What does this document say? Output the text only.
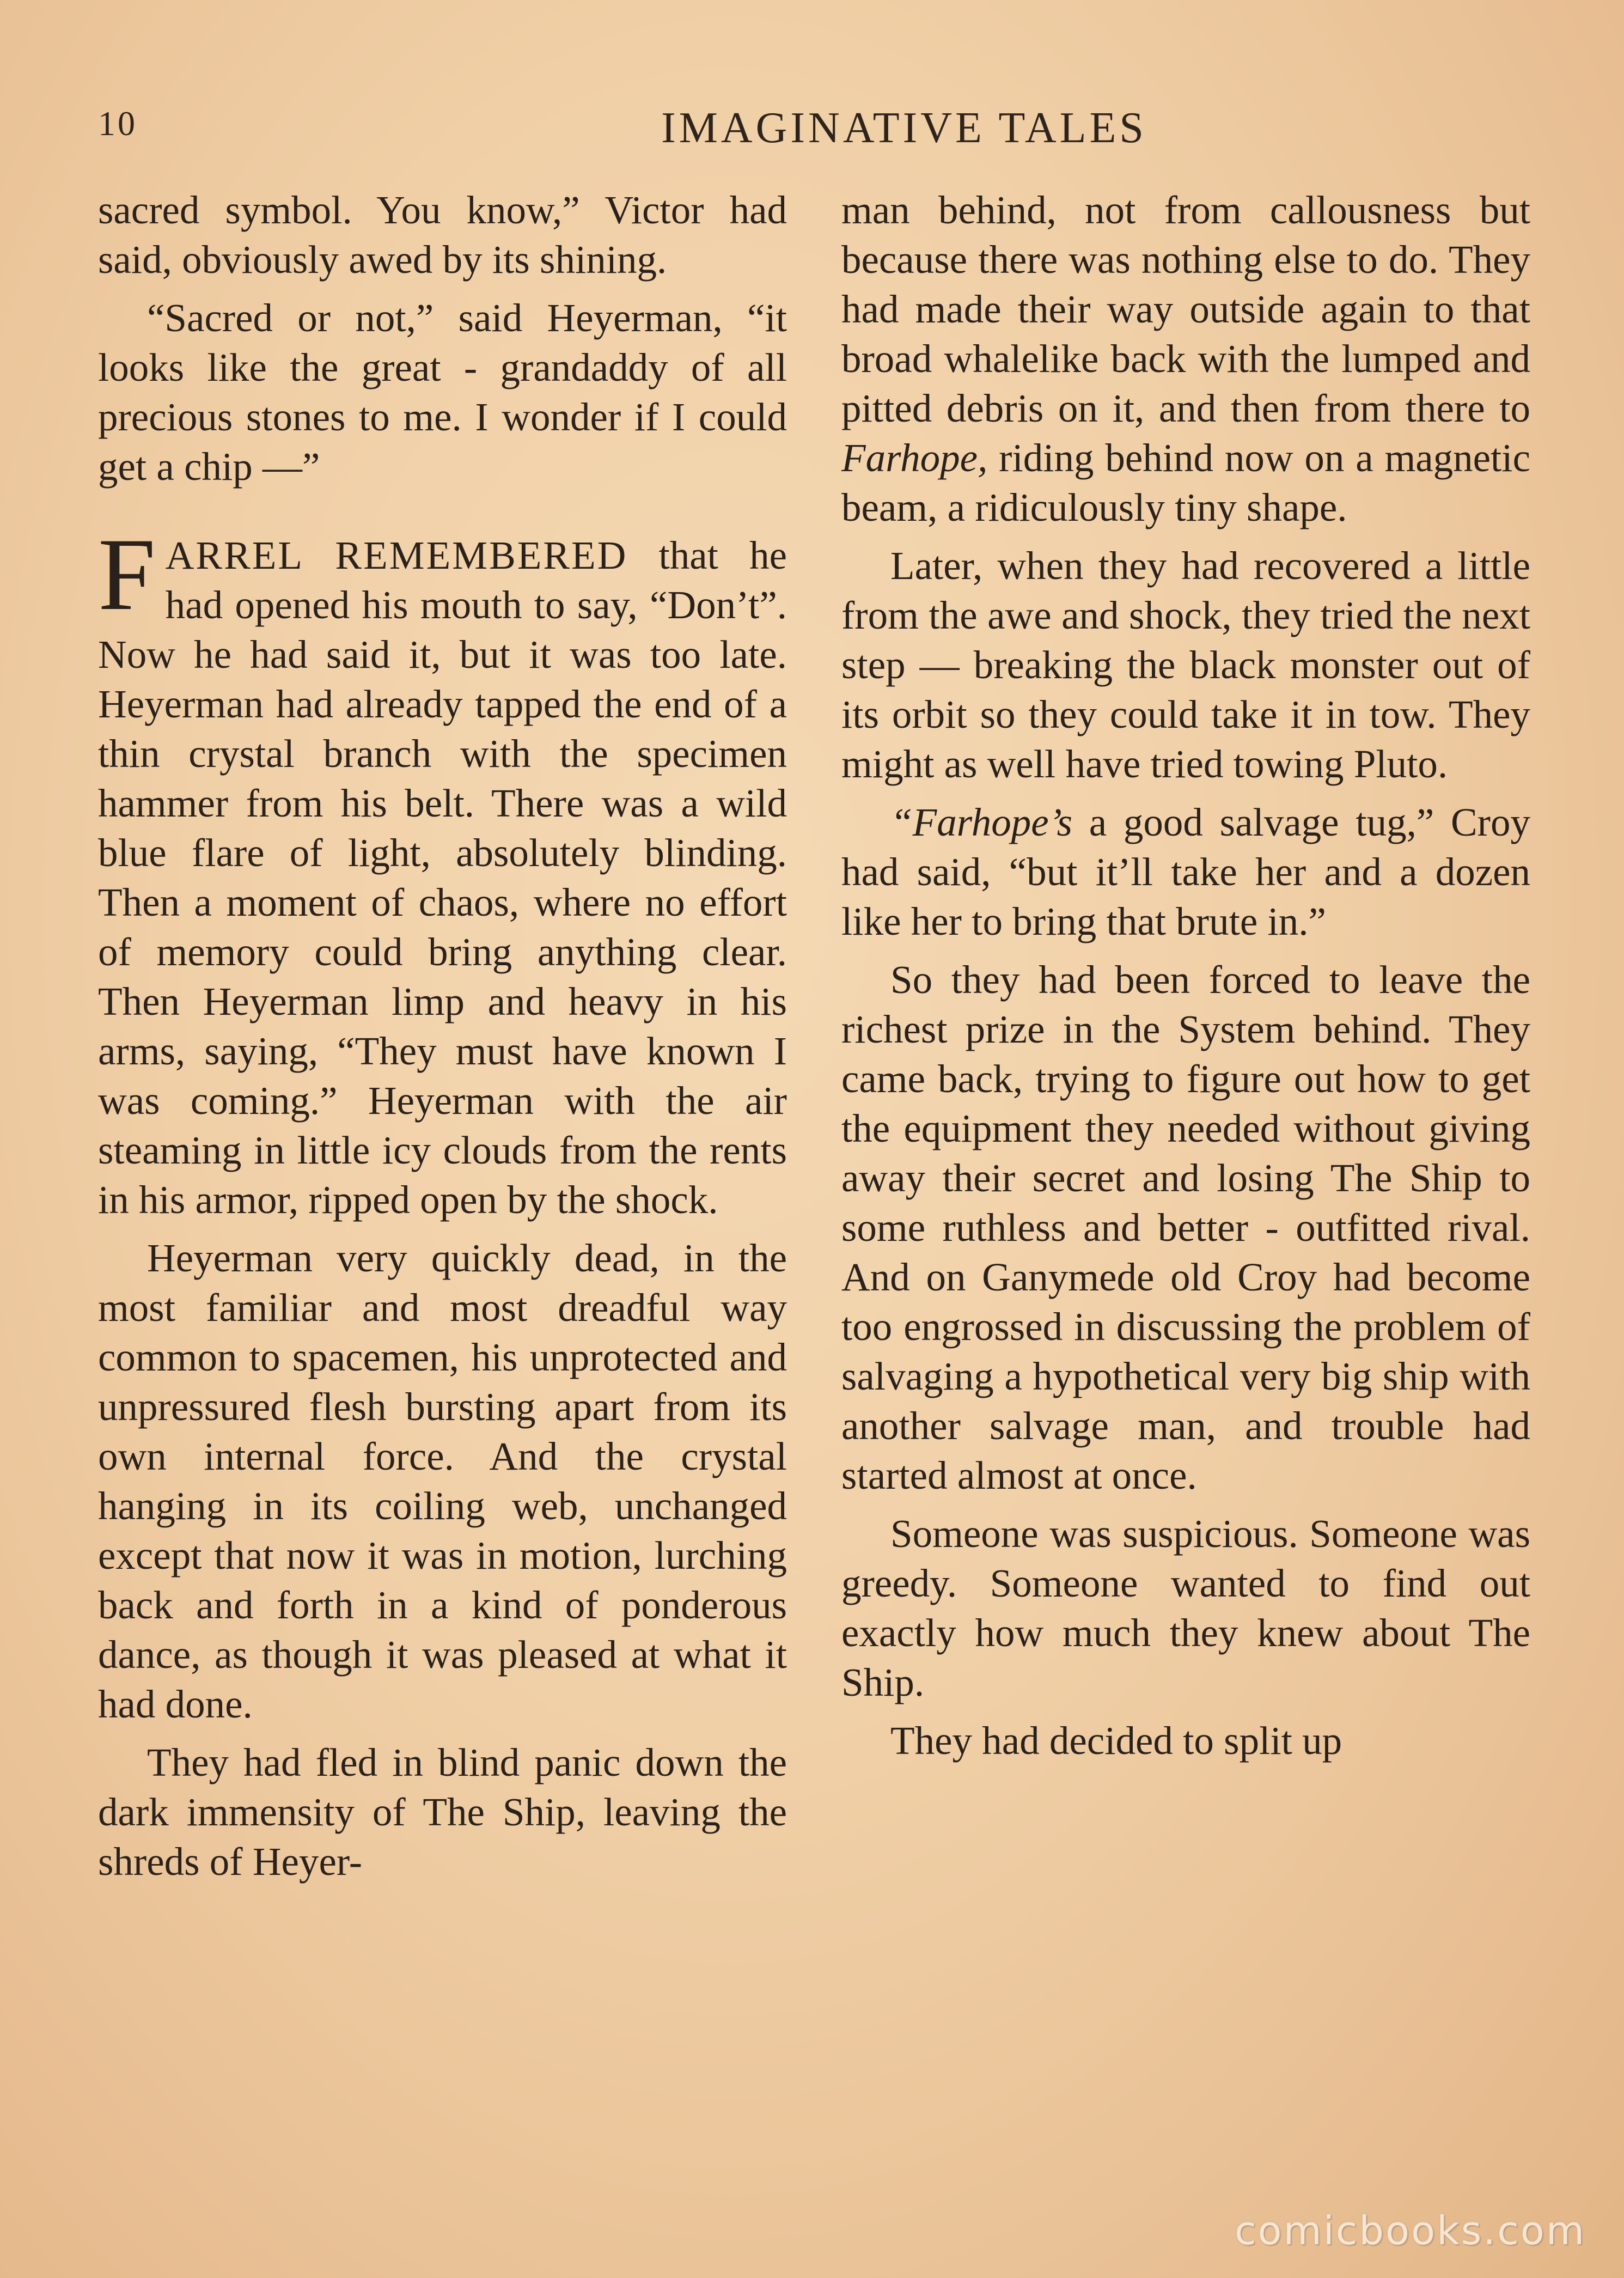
10	IMAGINATIVE TALES

sacred symbol. You know,” Victor had said, obviously awed by its shining.

“Sacred or not,” said Heyerman, “it looks like the great - grandaddy of all precious stones to me. I wonder if I could get a chip —”

FARREL REMEMBERED that he had opened his mouth to say, “Don’t”. Now he had said it, but it was too late. Heyerman had already tapped the end of a thin crystal branch with the specimen hammer from his belt. There was a wild blue flare of light, absolutely blinding. Then a moment of chaos, where no effort of memory could bring anything clear. Then Heyerman limp and heavy in his arms, saying, “They must have known I was coming.” Heyerman with the air steaming in little icy clouds from the rents in his armor, ripped open by the shock.

Heyerman very quickly dead, in the most familiar and most dreadful way common to spacemen, his unprotected and unpressured flesh bursting apart from its own internal force. And the crystal hanging in its coiling web, unchanged except that now it was in motion, lurching back and forth in a kind of ponderous dance, as though it was pleased at what it had done.

They had fled in blind panic down the dark immensity of The Ship, leaving the shreds of Heyer-

man behind, not from callousness but because there was nothing else to do. They had made their way outside again to that broad whalelike back with the lumped and pitted debris on it, and then from there to Farhope, riding behind now on a magnetic beam, a ridiculously tiny shape.

Later, when they had recovered a little from the awe and shock, they tried the next step — breaking the black monster out of its orbit so they could take it in tow. They might as well have tried towing Pluto.

“Farhope’s a good salvage tug,” Croy had said, “but it’ll take her and a dozen like her to bring that brute in.”

So they had been forced to leave the richest prize in the System behind. They came back, trying to figure out how to get the equipment they needed without giving away their secret and losing The Ship to some ruthless and better - outfitted rival. And on Ganymede old Croy had become too engrossed in discussing the problem of salvaging a hypothetical very big ship with another salvage man, and trouble had started almost at once.

Someone was suspicious. Someone was greedy. Someone wanted to find out exactly how much they knew about The Ship.

They had decided to split up

comicbooks.com
